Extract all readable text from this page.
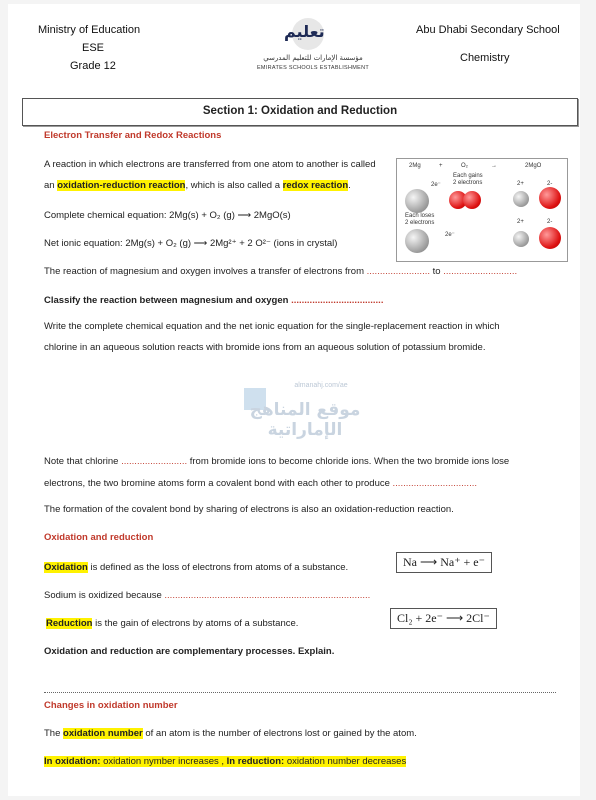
Ministry of Education
ESE
Grade 12
Abu Dhabi Secondary School
Chemistry
تعليم
مؤسسة الإمارات للتعليم المدرسي
EMIRATES SCHOOLS ESTABLISHMENT
Section 1: Oxidation and Reduction
Electron Transfer and Redox Reactions
A reaction in which electrons are transferred from one atom to another is called
an oxidation-reduction reaction, which is also called a redox reaction.
Complete chemical equation: 2Mg(s) + O₂ (g) ⟶ 2MgO(s)
Net ionic equation: 2Mg(s) + O₂ (g) ⟶ 2Mg²⁺ + 2 O²⁻ (ions in crystal)
2Mg	+	O₂	→	2MgO
Each gains 2 electrons
Each loses 2 electrons
2e⁻
2e⁻
2+	2-
2+	2-
The reaction of magnesium and oxygen involves a transfer of electrons from ........................ to ............................
Classify the reaction between magnesium and oxygen ...................................
Write the complete chemical equation and the net ionic equation for the single-replacement reaction in which
chlorine in an aqueous solution reacts with bromide ions from an aqueous solution of potassium bromide.
almanahj.com/ae
موقع المناهج الإماراتية
Note that chlorine ......................... from bromide ions to become chloride ions. When the two bromide ions lose
electrons, the two bromine atoms form a covalent bond with each other to produce ................................
The formation of the covalent bond by sharing of electrons is also an oxidation-reduction reaction.
Oxidation and reduction
Oxidation is defined as the loss of electrons from atoms of a substance.	Na ⟶ Na⁺ + e⁻
Sodium is oxidized because ..............................................................................
Reduction is the gain of electrons by atoms of a substance.	Cl₂ + 2e⁻ ⟶ 2Cl⁻
Oxidation and reduction are complementary processes. Explain.
Changes in oxidation number
The oxidation number of an atom is the number of electrons lost or gained by the atom.
In oxidation: oxidation nymber increases , In reduction: oxidation number decreases
